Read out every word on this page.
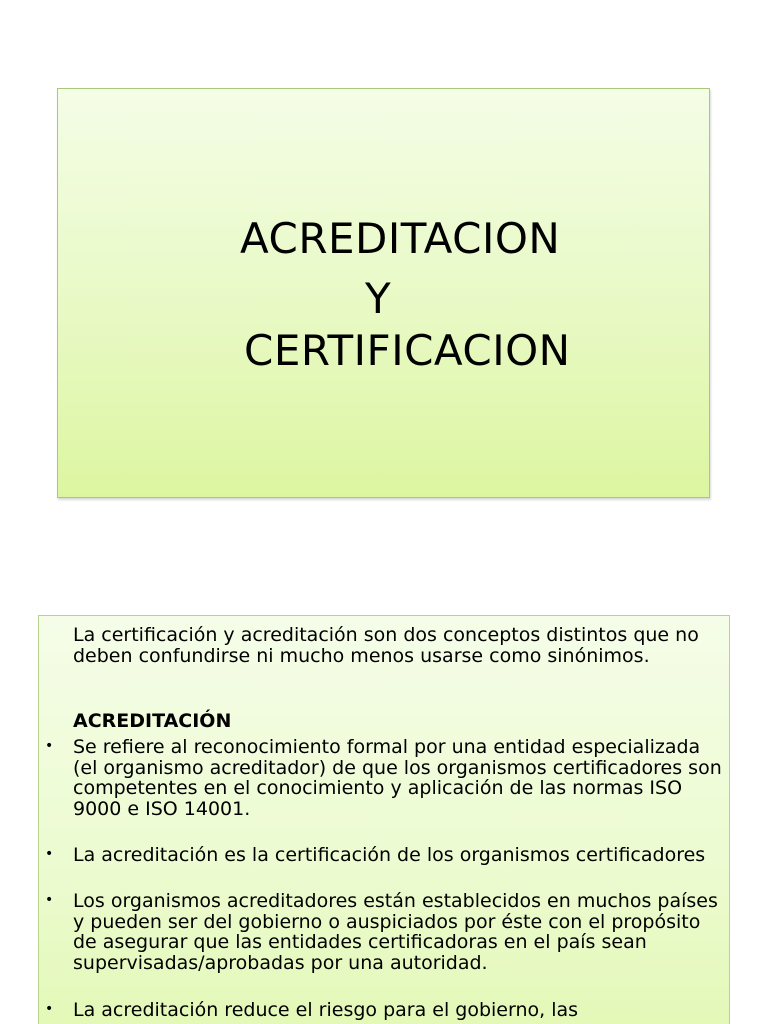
ACREDITACION
Y
CERTIFICACION
La certificación y acreditación son dos conceptos distintos que no deben confundirse ni mucho menos usarse como sinónimos.
ACREDITACIÓN
• Se refiere al reconocimiento formal por una entidad especializada (el organismo acreditador) de que los organismos certificadores son competentes en el conocimiento y aplicación de las normas ISO 9000 e ISO 14001.
• La acreditación es la certificación de los organismos certificadores
• Los organismos acreditadores están establecidos en muchos países y pueden ser del gobierno o auspiciados por éste con el propósito de asegurar que las entidades certificadoras en el país sean supervisadas/aprobadas por una autoridad.
• La acreditación reduce el riesgo para el gobierno, las
